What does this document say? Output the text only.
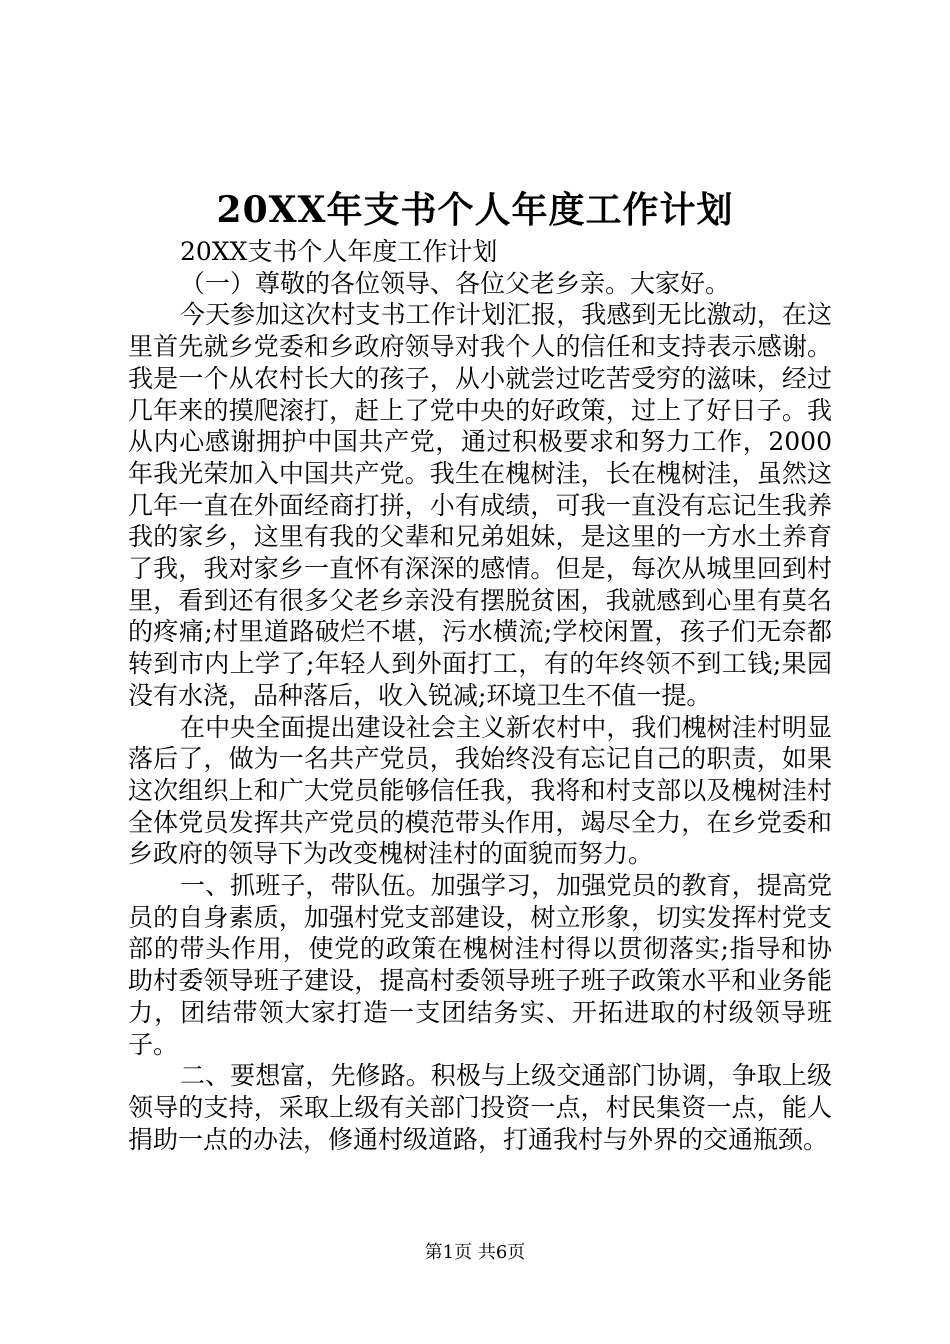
20XX年支书个人年度工作计划

20XX支书个人年度工作计划

（一）尊敬的各位领导、各位父老乡亲。大家好。

今天参加这次村支书工作计划汇报，我感到无比激动，在这里首先就乡党委和乡政府领导对我个人的信任和支持表示感谢。我是一个从农村长大的孩子，从小就尝过吃苦受穷的滋味，经过几年来的摸爬滚打，赶上了党中央的好政策，过上了好日子。我从内心感谢拥护中国共产党，通过积极要求和努力工作，2000年我光荣加入中国共产党。我生在槐树洼，长在槐树洼，虽然这几年一直在外面经商打拼，小有成绩，可我一直没有忘记生我养我的家乡，这里有我的父辈和兄弟姐妹，是这里的一方水土养育了我，我对家乡一直怀有深深的感情。但是，每次从城里回到村里，看到还有很多父老乡亲没有摆脱贫困，我就感到心里有莫名的疼痛;村里道路破烂不堪，污水横流;学校闲置，孩子们无奈都转到市内上学了;年轻人到外面打工，有的年终领不到工钱;果园没有水浇，品种落后，收入锐减;环境卫生不值一提。

在中央全面提出建设社会主义新农村中，我们槐树洼村明显落后了，做为一名共产党员，我始终没有忘记自己的职责，如果这次组织上和广大党员能够信任我，我将和村支部以及槐树洼村全体党员发挥共产党员的模范带头作用，竭尽全力，在乡党委和乡政府的领导下为改变槐树洼村的面貌而努力。

一、抓班子，带队伍。加强学习，加强党员的教育，提高党员的自身素质，加强村党支部建设，树立形象，切实发挥村党支部的带头作用，使党的政策在槐树洼村得以贯彻落实;指导和协助村委领导班子建设，提高村委领导班子班子政策水平和业务能力，团结带领大家打造一支团结务实、开拓进取的村级领导班子。

二、要想富，先修路。积极与上级交通部门协调，争取上级领导的支持，采取上级有关部门投资一点，村民集资一点，能人捐助一点的办法，修通村级道路，打通我村与外界的交通瓶颈。

第1页 共6页
